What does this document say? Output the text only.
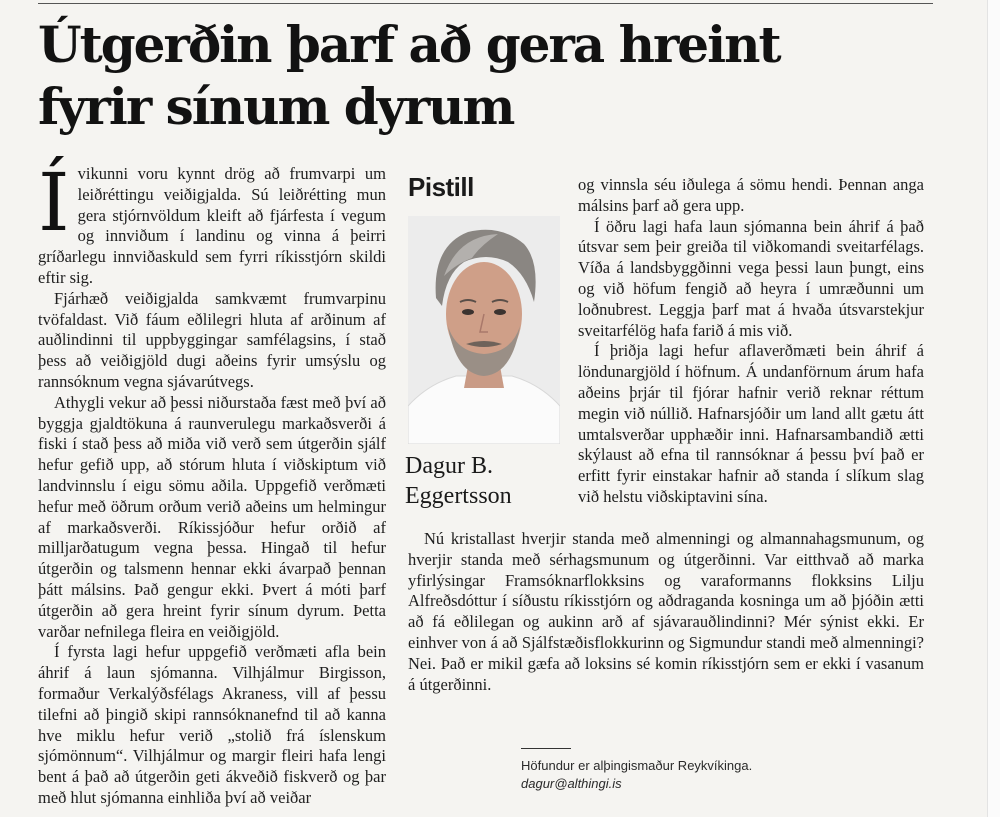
Útgerðin þarf að gera hreint fyrir sínum dyrum

Ívikunni voru kynnt drög að frumvarpi um leiðréttingu veiðigjalda. Sú leiðrétting mun gera stjórnvöldum kleift að fjárfesta í vegum og innviðum í landinu og vinna á þeirri gríðarlegu innviðaskuld sem fyrri ríkisstjórn skildi eftir sig.

Fjárhæð veiðigjalda samkvæmt frumvarpinu tvöfaldast. Við fáum eðlilegri hluta af arðinum af auðlindinni til uppbyggingar samfélagsins, í stað þess að veiðigjöld dugi aðeins fyrir umsýslu og rannsóknum vegna sjávarútvegs.

Athygli vekur að þessi niðurstaða fæst með því að byggja gjaldtökuna á raunverulegu markaðsverði á fiski í stað þess að miða við verð sem útgerðin sjálf hefur gefið upp, að stórum hluta í viðskiptum við landvinnslu í eigu sömu aðila. Uppgefið verðmæti hefur með öðrum orðum verið aðeins um helmingur af markaðsverði. Ríkissjóður hefur orðið af milljarðatugum vegna þessa. Hingað til hefur útgerðin og talsmenn hennar ekki ávarpað þennan þátt málsins. Það gengur ekki. Þvert á móti þarf útgerðin að gera hreint fyrir sínum dyrum. Þetta varðar nefnilega fleira en veiðigjöld.

Í fyrsta lagi hefur uppgefið verðmæti afla bein áhrif á laun sjómanna. Vilhjálmur Birgisson, formaður Verkalýðsfélags Akraness, vill af þessu tilefni að þingið skipi rannsóknanefnd til að kanna hve miklu hefur verið „stolið frá íslenskum sjómönnum“. Vilhjálmur og margir fleiri hafa lengi bent á það að útgerðin geti ákveðið fiskverð og þar með hlut sjómanna einhliða því að veiðar

Pistill
Dagur B.
Eggertsson

og vinnsla séu iðulega á sömu hendi. Þennan anga málsins þarf að gera upp.

Í öðru lagi hafa laun sjómanna bein áhrif á það útsvar sem þeir greiða til viðkomandi sveitarfélags. Víða á landsbyggðinni vega þessi laun þungt, eins og við höfum fengið að heyra í umræðunni um loðnubrest. Leggja þarf mat á hvaða útsvarstekjur sveitarfélög hafa farið á mis við.

Í þriðja lagi hefur aflaverðmæti bein áhrif á löndunargjöld í höfnum. Á undanförnum árum hafa aðeins þrjár til fjórar hafnir verið reknar réttum megin við núllið. Hafnarsjóðir um land allt gætu átt umtalsverðar upphæðir inni. Hafnarsambandið ætti skýlaust að efna til rannsóknar á þessu því það er erfitt fyrir einstakar hafnir að standa í slíkum slag við helstu viðskiptavini sína.

Nú kristallast hverjir standa með almenningi og almannahagsmunum, og hverjir standa með sérhagsmunum og útgerðinni. Var eitthvað að marka yfirlýsingar Framsóknarflokksins og varaformanns flokksins Lilju Alfreðsdóttur í síðustu ríkisstjórn og aðdraganda kosninga um að þjóðin ætti að fá eðlilegan og aukinn arð af sjávarauðlindinni? Mér sýnist ekki. Er einhver von á að Sjálfstæðisflokkurinn og Sigmundur standi með almenningi? Nei. Það er mikil gæfa að loksins sé komin ríkisstjórn sem er ekki í vasanum á útgerðinni.

Höfundur er alþingismaður Reykvíkinga.
dagur@althingi.is
